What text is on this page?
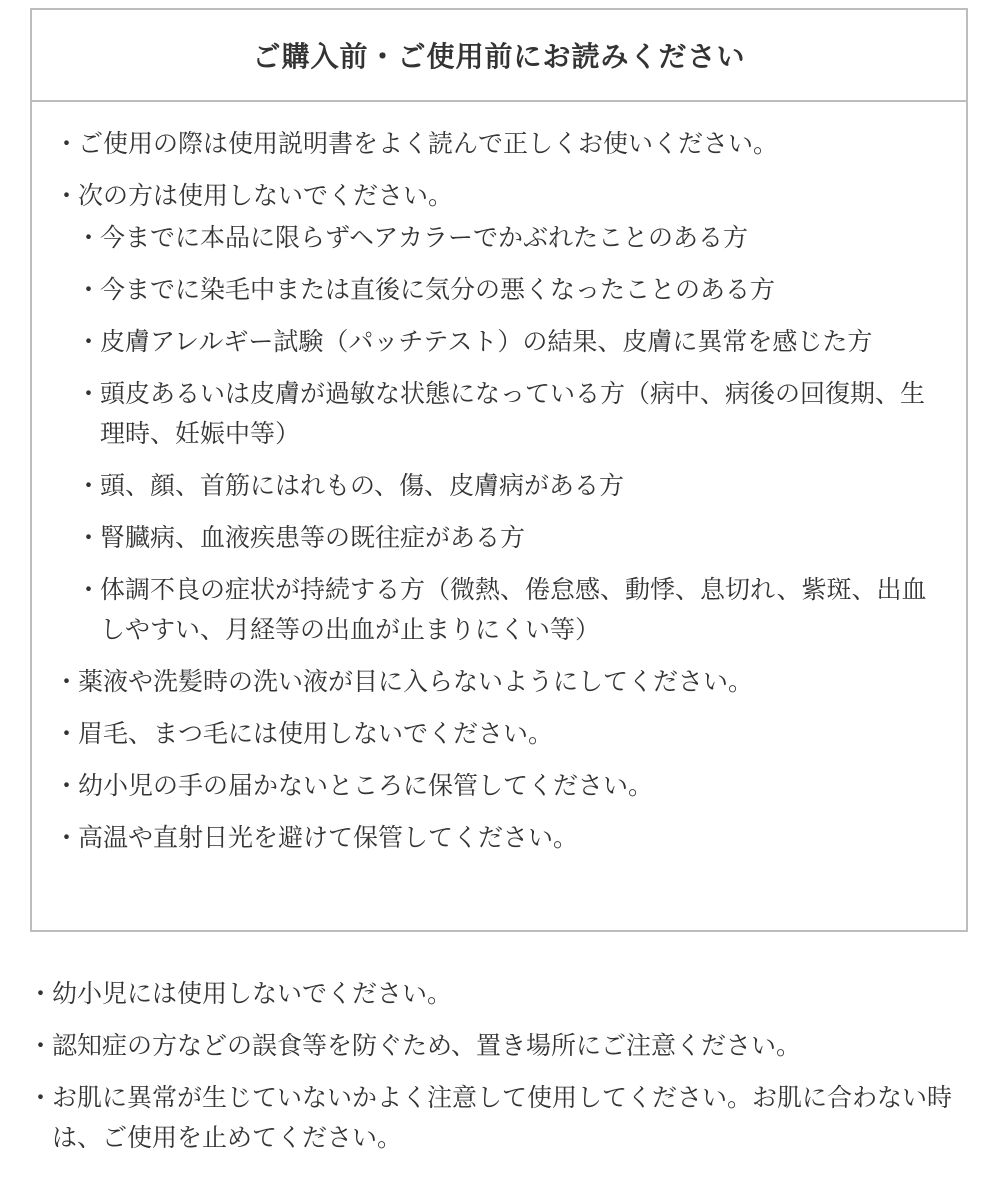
ご購入前・ご使用前にお読みください
・
ご使用の際は使用説明書をよく読んで正しくお使いください。
・
次の方は使用しないでください。
・
今までに本品に限らずヘアカラーでかぶれたことのある方
・
今までに染毛中または直後に気分の悪くなったことのある方
・
皮膚アレルギー試験（パッチテスト）の結果、皮膚に異常を感じた方
・
頭皮あるいは皮膚が過敏な状態になっている方（病中、病後の回復期、生理時、妊娠中等）
・
頭、顔、首筋にはれもの、傷、皮膚病がある方
・
腎臓病、血液疾患等の既往症がある方
・
体調不良の症状が持続する方（微熱、倦怠感、動悸、息切れ、紫斑、出血しやすい、月経等の出血が止まりにくい等）
・
薬液や洗髪時の洗い液が目に入らないようにしてください。
・
眉毛、まつ毛には使用しないでください。
・
幼小児の手の届かないところに保管してください。
・
高温や直射日光を避けて保管してください。
・
幼小児には使用しないでください。
・
認知症の方などの誤食等を防ぐため、置き場所にご注意ください。
・
お肌に異常が生じていないかよく注意して使用してください。お肌に合わない時は、ご使用を止めてください。
